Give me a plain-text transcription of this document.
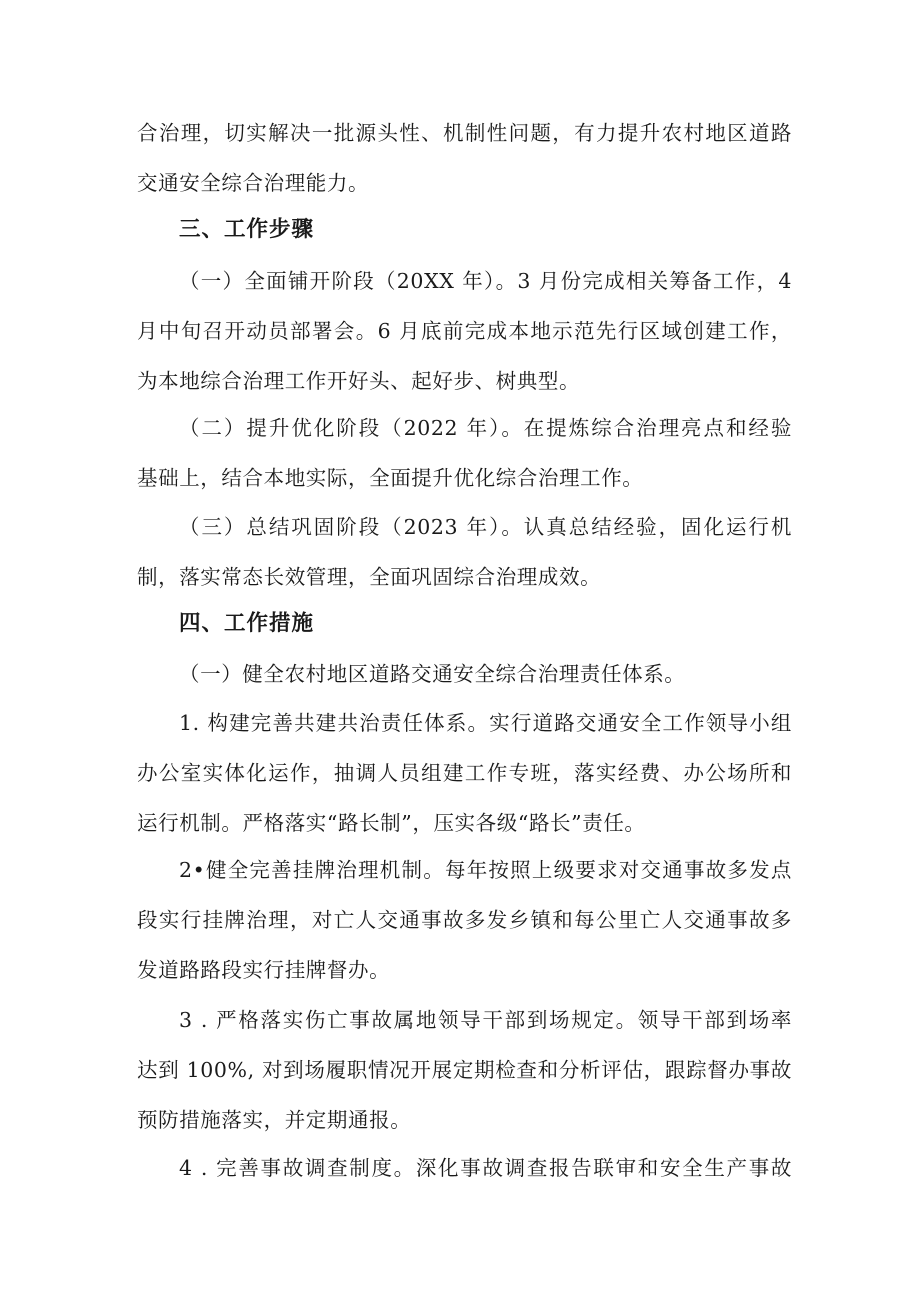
合治理，切实解决一批源头性、机制性问题，有力提升农村地区道路
交通安全综合治理能力。
三、工作步骤
（一）全面铺开阶段（20XX 年）。3 月份完成相关筹备工作，4
月中旬召开动员部署会。6 月底前完成本地示范先行区域创建工作，
为本地综合治理工作开好头、起好步、树典型。
（二）提升优化阶段（2022 年）。在提炼综合治理亮点和经验
基础上，结合本地实际，全面提升优化综合治理工作。
（三）总结巩固阶段（2023 年）。认真总结经验，固化运行机
制，落实常态长效管理，全面巩固综合治理成效。
四、工作措施
（一）健全农村地区道路交通安全综合治理责任体系。
1. 构建完善共建共治责任体系。实行道路交通安全工作领导小组
办公室实体化运作，抽调人员组建工作专班，落实经费、办公场所和
运行机制。严格落实“路长制”，压实各级“路长”责任。
2•健全完善挂牌治理机制。每年按照上级要求对交通事故多发点
段实行挂牌治理，对亡人交通事故多发乡镇和每公里亡人交通事故多
发道路路段实行挂牌督办。
3 . 严格落实伤亡事故属地领导干部到场规定。领导干部到场率
达到 100%, 对到场履职情况开展定期检查和分析评估，跟踪督办事故
预防措施落实，并定期通报。
4 . 完善事故调查制度。深化事故调查报告联审和安全生产事故
